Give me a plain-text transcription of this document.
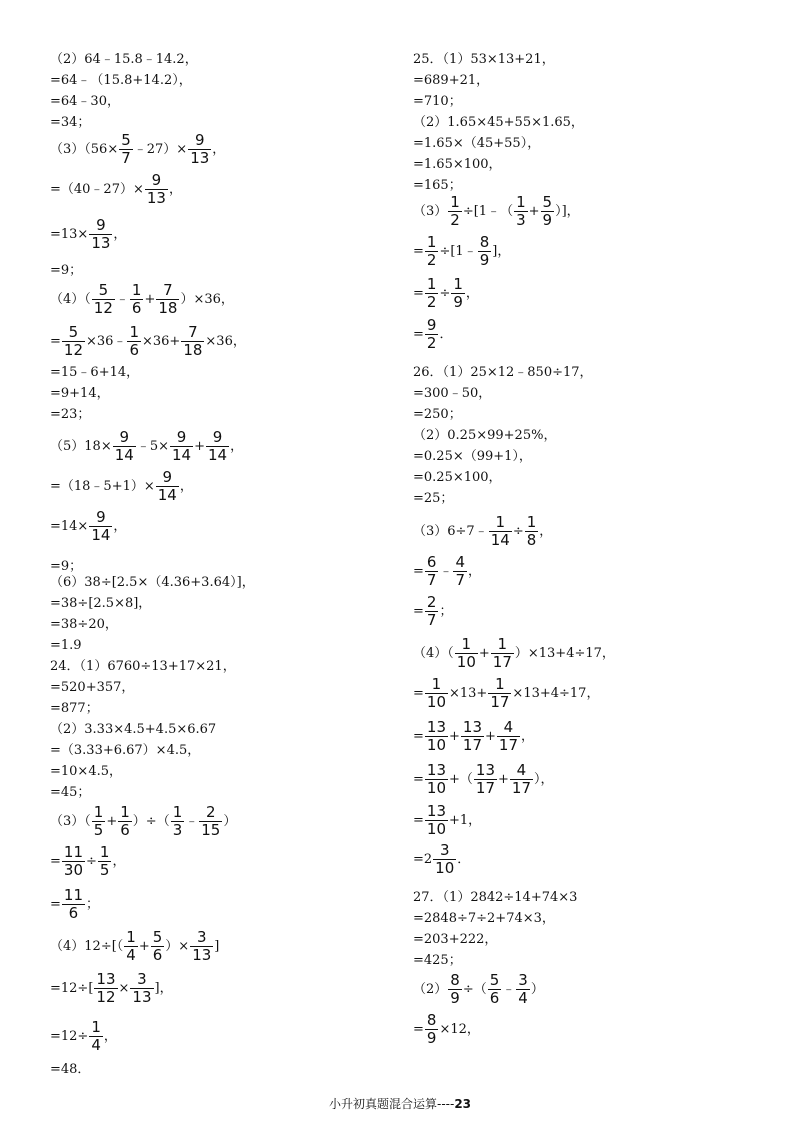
（2）64﹣15.8﹣14.2，
=64﹣（15.8+14.2），
=64﹣30，
=34；
$(3)(56\times \frac{5}{7}$ ﹣27）× $\frac{9}{13}$ ，
=（40﹣27）× $\frac{9}{13}$ ，
$=13\times \frac{9}{13}$ ，
=9；
$(4)( \frac{5}{12}$ ﹣ $\frac{1}{6} + \frac{7}{18} )\times 36$，
= $\frac{5}{12}$ ×36﹣ $\frac{1}{6} \times 36+ \frac{7}{18} \times 36$，
=15﹣6+14，
=9+14，
=23；
$(5)18\times \frac{9}{14}$ ﹣5× $\frac{9}{14} + \frac{9}{14}$ ，
=（18﹣5+1）× $\frac{9}{14}$ ，
$=14\times \frac{9}{14}$ ，
=9；
（6）38÷[2.5×（4.36+3.64）]，
=38÷[2.5×8]，
=38÷20，
=1.9
24．（1）6760÷13+17×21，
=520+357，
=877；
（2）3.33×4.5+4.5×6.67
=（3.33+6.67）×4.5，
=10×4.5，
=45；
$(3)( \frac{1}{5} + \frac{1}{6}$ ）÷（ $\frac{1}{3}$ ﹣ $\frac{2}{15}$ ）
= $\frac{11}{30} \div \frac{1}{5}$ ，
= $\frac{11}{6}$ ；
$(4)12\div[( \frac{1}{4} + \frac{5}{6}$ ）× $\frac{3}{13}$ ]
$=12\div[ \frac{13}{12} \times \frac{3}{13}$ ]，
$=12\div \frac{1}{4}$ ，
=48．
25．（1）53×13+21，
=689+21，
=710；
（2）1.65×45+55×1.65，
=1.65×（45+55），
=1.65×100，
=165；
$(3) \frac{1}{2}$ ÷[1﹣（ $\frac{1}{3} + \frac{5}{9}$ ）]，
= $\frac{1}{2}$ ÷[1﹣ $\frac{8}{9}$ ]，
= $\frac{1}{2} \div \frac{1}{9}$ ，
= $\frac{9}{2}$ ．
26．（1）25×12﹣850÷17，
=300﹣50，
=250；
（2）0.25×99+25%，
=0.25×（99+1），
=0.25×100，
=25；
（3）6÷7﹣ $\frac{1}{14} \div \frac{1}{8}$ ，
= $\frac{6}{7}$ ﹣ $\frac{4}{7}$ ，
= $\frac{2}{7}$ ；
$(4)( \frac{1}{10} + \frac{1}{17} )\times 13+4\div 17$，
= $\frac{1}{10} \times 13+ \frac{1}{17} \times 13+4\div 17$，
= $\frac{13}{10} + \frac{13}{17} + \frac{4}{17}$ ，
= $\frac{13}{10}$ +（ $\frac{13}{17} + \frac{4}{17}$ ），
= $\frac{13}{10} +1$，
$=2 \frac{3}{10}$ ．
27．（1）2842÷14+74×3
=2848÷7÷2+74×3，
=203+222，
=425；
$(2) \frac{8}{9}$ ÷（ $\frac{5}{6}$ ﹣ $\frac{3}{4}$ ）
= $\frac{8}{9} \times 12$，
小升初真题混合运算----23
